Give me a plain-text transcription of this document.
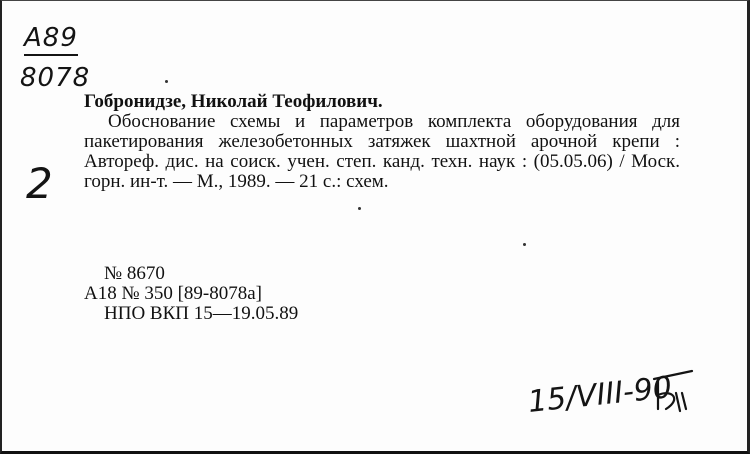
A89
8078
2
Гобронидзе, Николай Теофилович.
Обоснование схемы и параметров комплекта оборудования для пакетирования железобетонных затяжек шахтной арочной крепи : Автореф. дис. на соиск. учен. степ. канд. техн. наук : (05.05.06) / Моск. горн. ин-т. — М., 1989. — 21 с.: схем.
№ 8670
А18 № 350 [89-8078а]
НПО ВКП 15—19.05.89
15/VIII-90
